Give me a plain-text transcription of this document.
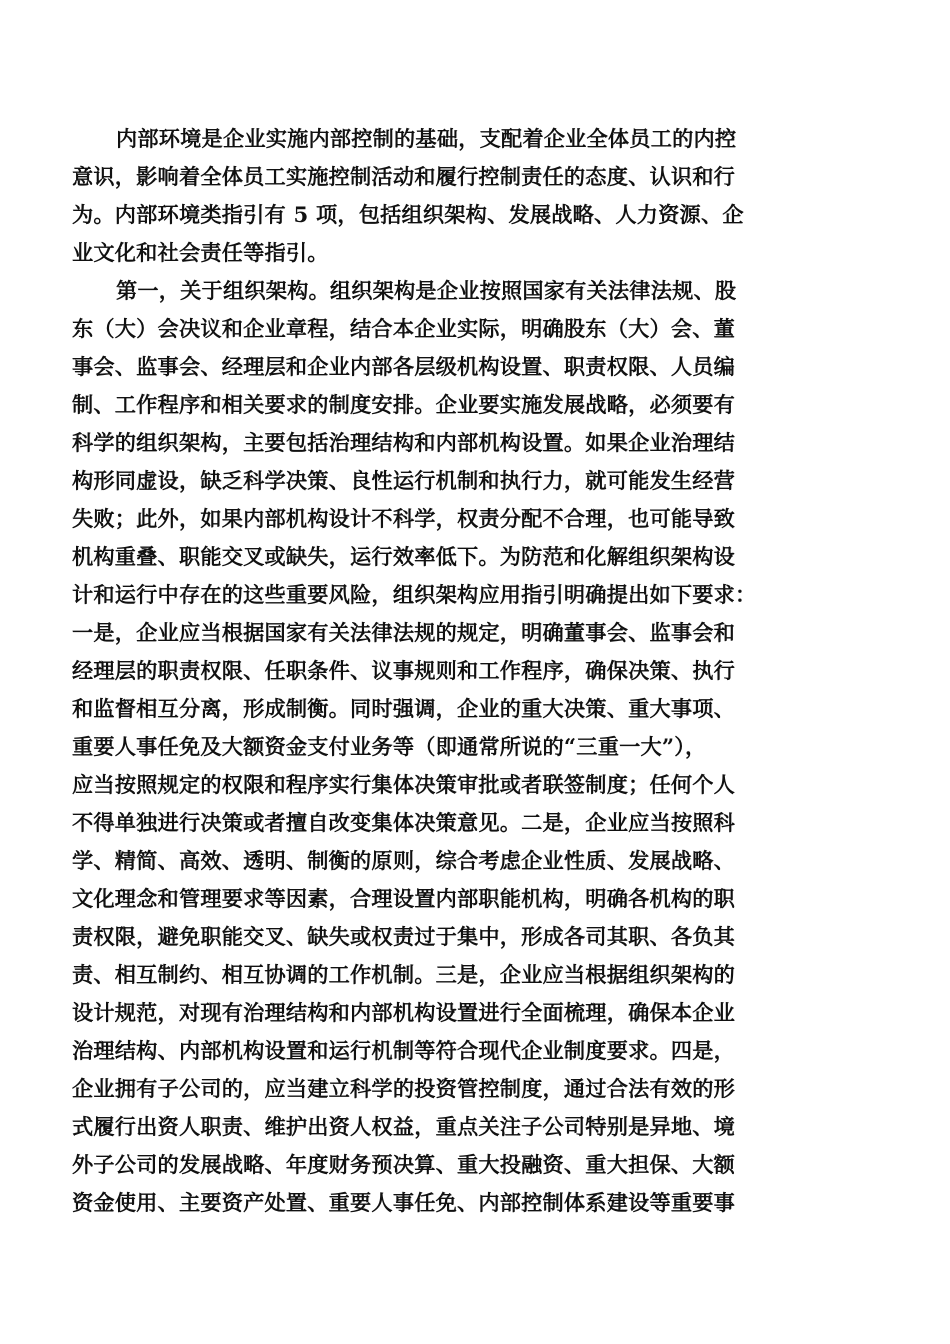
内部环境是企业实施内部控制的基础，支配着企业全体员工的内控
意识，影响着全体员工实施控制活动和履行控制责任的态度、认识和行
为。内部环境类指引有 5 项，包括组织架构、发展战略、人力资源、企
业文化和社会责任等指引。
第一，关于组织架构。组织架构是企业按照国家有关法律法规、股
东（大）会决议和企业章程，结合本企业实际，明确股东（大）会、董
事会、监事会、经理层和企业内部各层级机构设置、职责权限、人员编
制、工作程序和相关要求的制度安排。企业要实施发展战略，必须要有
科学的组织架构，主要包括治理结构和内部机构设置。如果企业治理结
构形同虚设，缺乏科学决策、良性运行机制和执行力，就可能发生经营
失败；此外，如果内部机构设计不科学，权责分配不合理，也可能导致
机构重叠、职能交叉或缺失，运行效率低下。为防范和化解组织架构设
计和运行中存在的这些重要风险，组织架构应用指引明确提出如下要求：
一是，企业应当根据国家有关法律法规的规定，明确董事会、监事会和
经理层的职责权限、任职条件、议事规则和工作程序，确保决策、执行
和监督相互分离，形成制衡。同时强调，企业的重大决策、重大事项、
重要人事任免及大额资金支付业务等（即通常所说的“三重一大”），
应当按照规定的权限和程序实行集体决策审批或者联签制度；任何个人
不得单独进行决策或者擅自改变集体决策意见。二是，企业应当按照科
学、精简、高效、透明、制衡的原则，综合考虑企业性质、发展战略、
文化理念和管理要求等因素，合理设置内部职能机构，明确各机构的职
责权限，避免职能交叉、缺失或权责过于集中，形成各司其职、各负其
责、相互制约、相互协调的工作机制。三是，企业应当根据组织架构的
设计规范，对现有治理结构和内部机构设置进行全面梳理，确保本企业
治理结构、内部机构设置和运行机制等符合现代企业制度要求。四是，
企业拥有子公司的，应当建立科学的投资管控制度，通过合法有效的形
式履行出资人职责、维护出资人权益，重点关注子公司特别是异地、境
外子公司的发展战略、年度财务预决算、重大投融资、重大担保、大额
资金使用、主要资产处置、重要人事任免、内部控制体系建设等重要事
